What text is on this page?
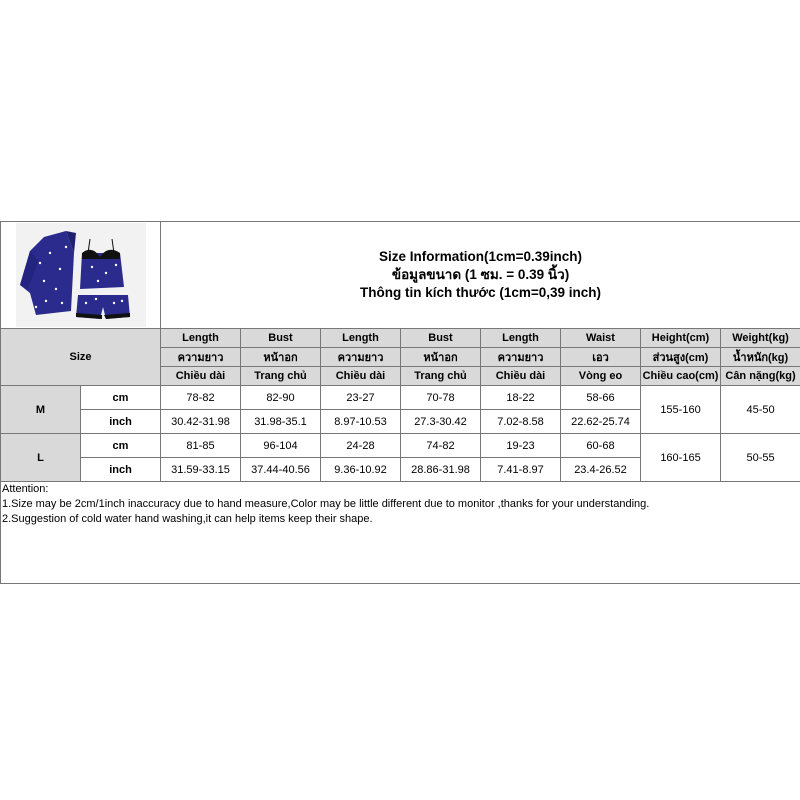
Size Information(1cm=0.39inch)
ข้อมูลขนาด (1 ซม. = 0.39 นิ้ว)
Thông tin kích thước (1cm=0,39 inch)							

Size		Length	Bust	Length	Bust	Length	Waist	Height(cm)	Weight(kg)
		ความยาว	หน้าอก	ความยาว	หน้าอก	ความยาว	เอว	ส่วนสูง(cm)	น้ำหนัก(kg)
		Chiều dài	Trang chủ	Chiều dài	Trang chủ	Chiều dài	Vòng eo	Chiều cao(cm)	Cân nặng(kg)
M	cm	78-82	82-90	23-27	70-78	18-22	58-66	155-160	45-50
	inch	30.42-31.98	31.98-35.1	8.97-10.53	27.3-30.42	7.02-8.58	22.62-25.74		
L	cm	81-85	96-104	24-28	74-82	19-23	60-68	160-165	50-55
	inch	31.59-33.15	37.44-40.56	9.36-10.92	28.86-31.98	7.41-8.97	23.4-26.52		
Attention:
1.Size may be 2cm/1inch inaccuracy due to hand measure,Color may be little different due to monitor ,thanks for your understanding.
2.Suggestion of cold water hand washing,it can help items keep their shape.
